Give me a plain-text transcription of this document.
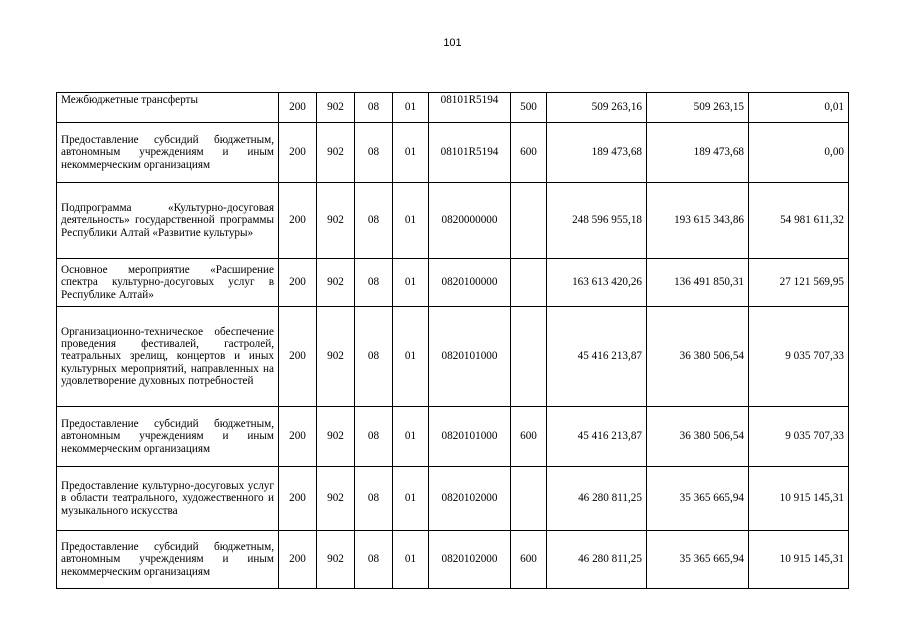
101
Межбюджетные трансферты	200	902	08	01	08101R5194	500	509 263,16	509 263,15	0,01
Предоставление субсидий бюджетным, автономным учреждениям и иным некоммерческим организациям	200	902	08	01	08101R5194	600	189 473,68	189 473,68	0,00
Подпрограмма «Культурно-досуговая деятельность» государственной программы Республики Алтай «Развитие культуры»	200	902	08	01	0820000000		248 596 955,18	193 615 343,86	54 981 611,32
Основное мероприятие «Расширение спектра культурно-досуговых услуг в Республике Алтай»	200	902	08	01	0820100000		163 613 420,26	136 491 850,31	27 121 569,95
Организационно-техническое обеспечение проведения фестивалей, гастролей, театральных зрелищ, концертов и иных культурных мероприятий, направленных на удовлетворение духовных потребностей	200	902	08	01	0820101000		45 416 213,87	36 380 506,54	9 035 707,33
Предоставление субсидий бюджетным, автономным учреждениям и иным некоммерческим организациям	200	902	08	01	0820101000	600	45 416 213,87	36 380 506,54	9 035 707,33
Предоставление культурно-досуговых услуг в области театрального, художественного и музыкального искусства	200	902	08	01	0820102000		46 280 811,25	35 365 665,94	10 915 145,31
Предоставление субсидий бюджетным, автономным учреждениям и иным некоммерческим организациям	200	902	08	01	0820102000	600	46 280 811,25	35 365 665,94	10 915 145,31
